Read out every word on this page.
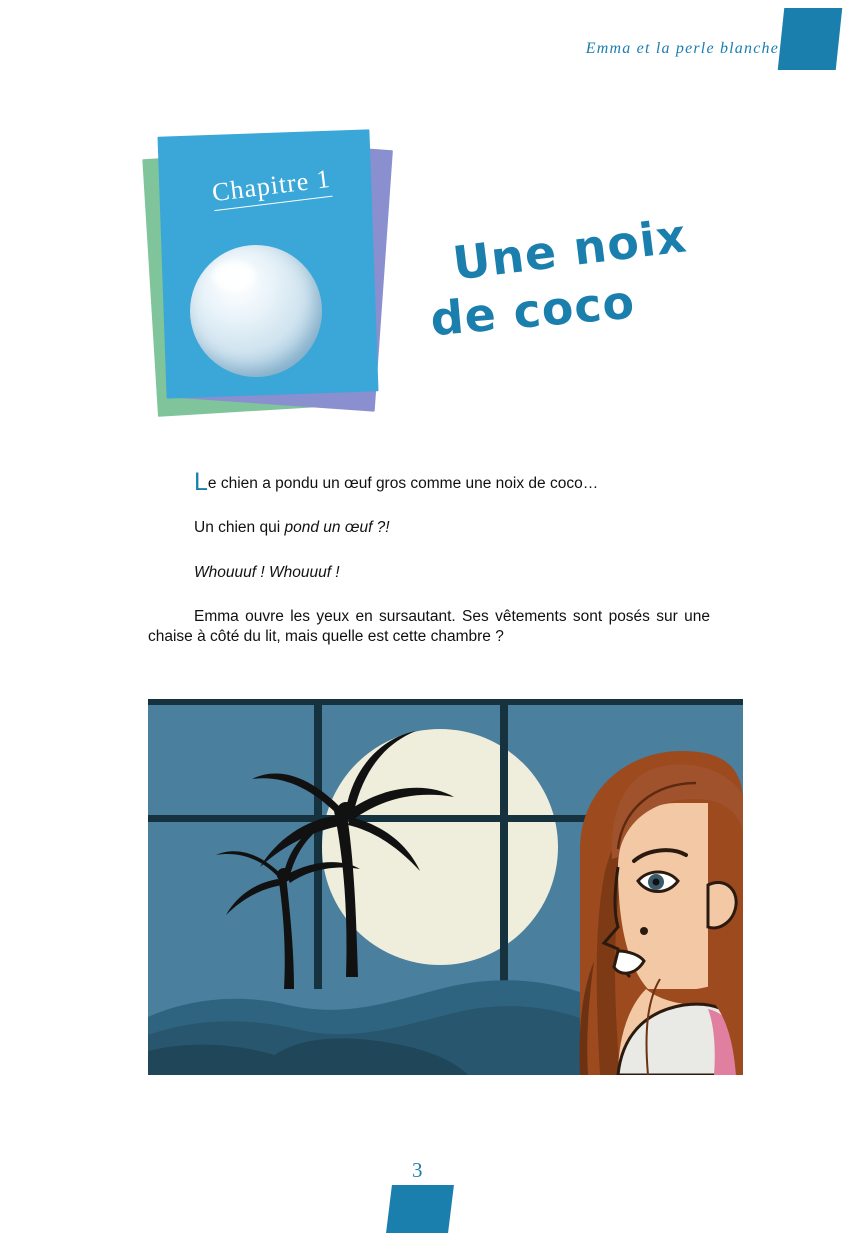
Emma et la perle blanche
Chapitre 1
Une noix
de coco

Le chien a pondu un œuf gros comme une noix de coco…

Un chien qui pond un œuf ?!

Whouuuf ! Whouuuf !

Emma ouvre les yeux en sursautant. Ses vêtements sont posés sur une chaise à côté du lit, mais quelle est cette chambre ?

3
